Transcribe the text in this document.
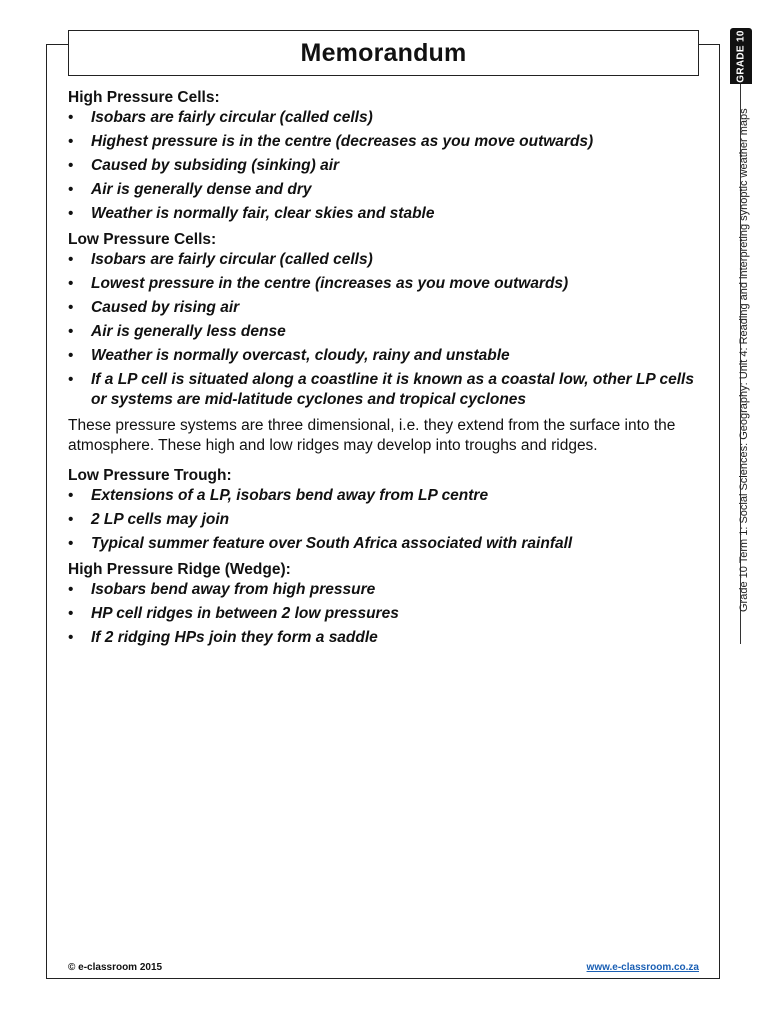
Memorandum	GRADE 10
Grade 10 Term 1: Social Sciences: Geography: Unit 4: Reading and interpreting synoptic weather maps

High Pressure Cells:

• Isobars are fairly circular (called cells)
• Highest pressure is in the centre (decreases as you move outwards)
• Caused by subsiding (sinking) air
• Air is generally dense and dry
• Weather is normally fair, clear skies and stable

Low Pressure Cells:

• Isobars are fairly circular (called cells)
• Lowest pressure in the centre (increases as you move outwards)
• Caused by rising air
• Air is generally less dense
• Weather is normally overcast, cloudy, rainy and unstable
• If a LP cell is situated along a coastline it is known as a coastal low, other LP cells or systems are mid-latitude cyclones and tropical cyclones

These pressure systems are three dimensional, i.e. they extend from the surface into the atmosphere. These high and low ridges may develop into troughs and ridges.

Low Pressure Trough:

• Extensions of a LP, isobars bend away from LP centre
• 2 LP cells may join
• Typical summer feature over South Africa associated with rainfall

High Pressure Ridge (Wedge):

• Isobars bend away from high pressure
• HP cell ridges in between 2 low pressures
• If 2 ridging HPs join they form a saddle
© e-classroom 2015	www.e-classroom.co.za
